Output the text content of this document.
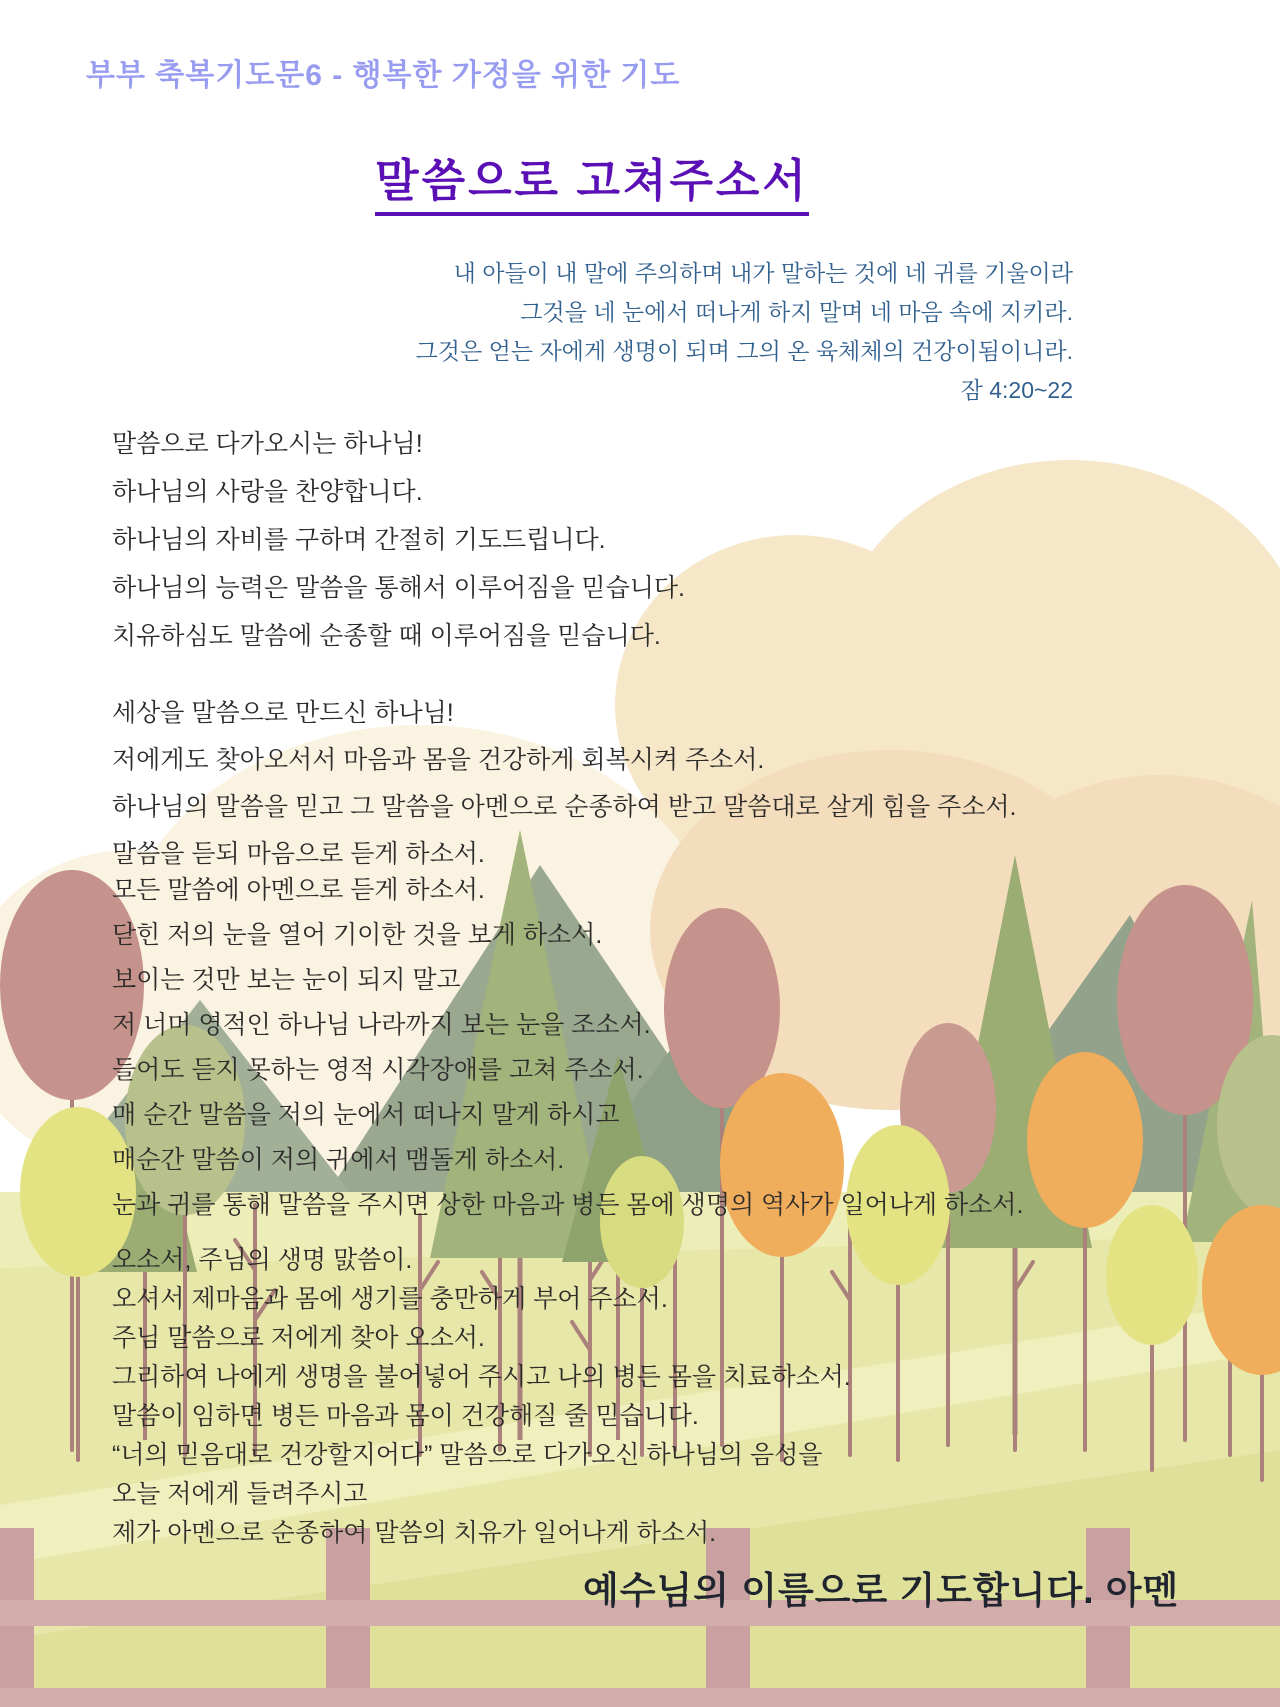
부부 축복기도문6 - 행복한 가정을 위한 기도
말씀으로 고쳐주소서
내 아들이 내 말에 주의하며 내가 말하는 것에 네 귀를 기울이라
그것을 네 눈에서 떠나게 하지 말며 네 마음 속에 지키라.
그것은 얻는 자에게 생명이 되며 그의 온 육체체의 건강이됨이니라.
잠 4:20~22
말씀으로 다가오시는 하나님!
하나님의 사랑을 찬양합니다.
하나님의 자비를 구하며 간절히 기도드립니다.
하나님의 능력은 말씀을 통해서 이루어짐을 믿습니다.
치유하심도 말씀에 순종할 때 이루어짐을 믿습니다.
세상을 말씀으로 만드신 하나님!
저에게도 찾아오서서 마음과 몸을 건강하게 회복시켜 주소서.
하나님의 말씀을 믿고 그 말씀을 아멘으로 순종하여 받고 말씀대로 살게 힘을 주소서.
말씀을 듣되 마음으로 듣게 하소서.
모든 말씀에 아멘으로 듣게 하소서.
닫힌 저의 눈을 열어 기이한 것을 보게 하소서.
보이는 것만 보는 눈이 되지 말고
저 너머 영적인 하나님 나라까지 보는 눈을 조소서.
들어도 듣지 못하는 영적 시각장애를 고쳐 주소서.
매 순간 말씀을 저의 눈에서 떠나지 말게 하시고
매순간 말씀이 저의 귀에서 맴돌게 하소서.
눈과 귀를 통해 말씀을 주시면 상한 마음과 병든 몸에 생명의 역사가 일어나게 하소서.
오소서, 주님의 생명 맔씀이.
오셔서 제마음과 몸에 생기를 충만하게 부어 주소서.
주님 말씀으로 저에게 찾아 오소서.
그리하여 나에게 생명을 불어넣어 주시고 나의 병든 몸을 치료하소서.
말씀이 임하면 병든 마음과 몸이 건강해질 줄 믿습니다.
“너의 믿음대로 건강할지어다” 말씀으로 다가오신 하나님의 음성을
오늘 저에게 들려주시고
제가 아멘으로 순종하여 말씀의 치유가 일어나게 하소서.
예수님의 이름으로 기도합니다. 아멘
